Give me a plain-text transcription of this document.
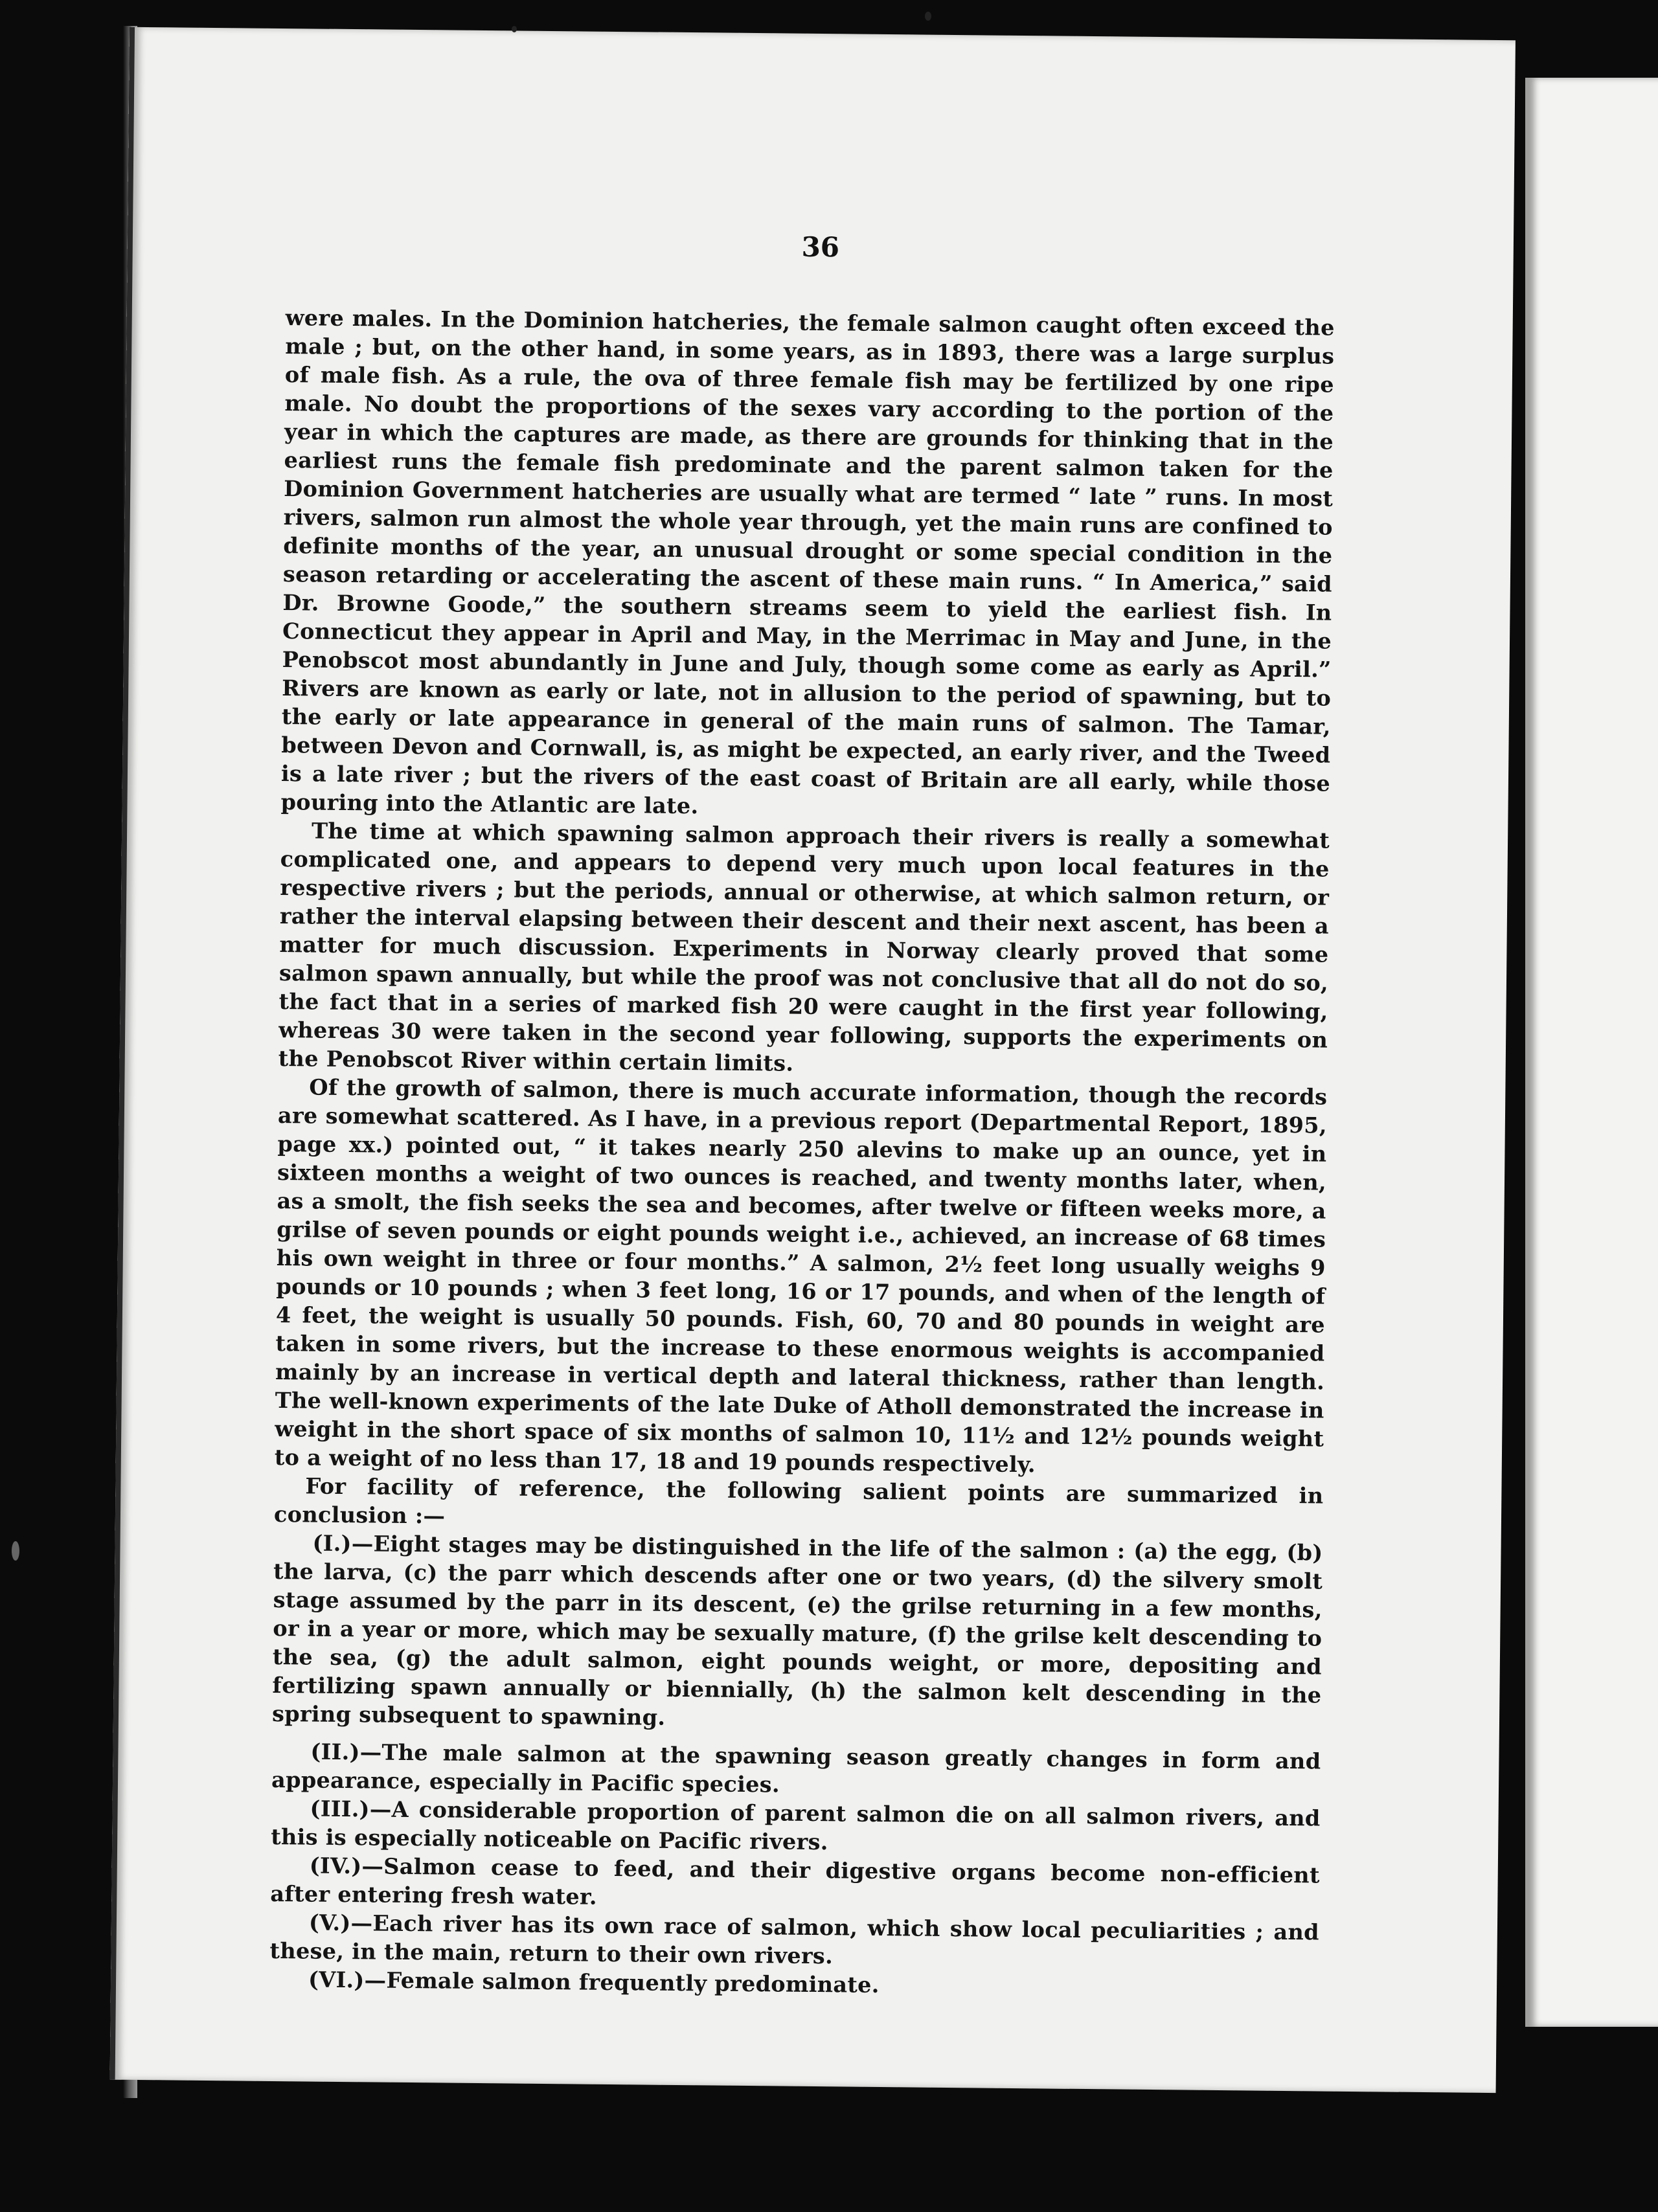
36

were males. In the Dominion hatcheries, the female salmon caught often exceed the male ; but, on the other hand, in some years, as in 1893, there was a large surplus of male fish. As a rule, the ova of three female fish may be fertilized by one ripe male. No doubt the proportions of the sexes vary according to the portion of the year in which the captures are made, as there are grounds for thinking that in the earliest runs the female fish predominate and the parent salmon taken for the Dominion Government hatcheries are usually what are termed “ late ” runs. In most rivers, salmon run almost the whole year through, yet the main runs are confined to definite months of the year, an unusual drought or some special condition in the season retarding or accelerating the ascent of these main runs. “ In America,” said Dr. Browne Goode,” the southern streams seem to yield the earliest fish. In Connecticut they appear in April and May, in the Merrimac in May and June, in the Penobscot most abundantly in June and July, though some come as early as April.” Rivers are known as early or late, not in allusion to the period of spawning, but to the early or late appearance in general of the main runs of salmon. The Tamar, between Devon and Cornwall, is, as might be expected, an early river, and the Tweed is a late river ; but the rivers of the east coast of Britain are all early, while those pouring into the Atlantic are late.

The time at which spawning salmon approach their rivers is really a somewhat complicated one, and appears to depend very much upon local features in the respective rivers ; but the periods, annual or otherwise, at which salmon return, or rather the interval elapsing between their descent and their next ascent, has been a matter for much discussion. Experiments in Norway clearly proved that some salmon spawn annually, but while the proof was not conclusive that all do not do so, the fact that in a series of marked fish 20 were caught in the first year following, whereas 30 were taken in the second year following, supports the experiments on the Penobscot River within certain limits.

Of the growth of salmon, there is much accurate information, though the records are somewhat scattered. As I have, in a previous report (Departmental Report, 1895, page xx.) pointed out, “ it takes nearly 250 alevins to make up an ounce, yet in sixteen months a weight of two ounces is reached, and twenty months later, when, as a smolt, the fish seeks the sea and becomes, after twelve or fifteen weeks more, a grilse of seven pounds or eight pounds weight i.e., achieved, an increase of 68 times his own weight in three or four months.” A salmon, 2½ feet long usually weighs 9 pounds or 10 pounds ; when 3 feet long, 16 or 17 pounds, and when of the length of 4 feet, the weight is usually 50 pounds. Fish, 60, 70 and 80 pounds in weight are taken in some rivers, but the increase to these enormous weights is accompanied mainly by an increase in vertical depth and lateral thickness, rather than length. The well-known experiments of the late Duke of Atholl demonstrated the increase in weight in the short space of six months of salmon 10, 11½ and 12½ pounds weight to a weight of no less than 17, 18 and 19 pounds respectively.

For facility of reference, the following salient points are summarized in conclusion :—

(I.)—Eight stages may be distinguished in the life of the salmon : (a) the egg, (b) the larva, (c) the parr which descends after one or two years, (d) the silvery smolt stage assumed by the parr in its descent, (e) the grilse returning in a few months, or in a year or more, which may be sexually mature, (f) the grilse kelt descending to the sea, (g) the adult salmon, eight pounds weight, or more, depositing and fertilizing spawn annually or biennially, (h) the salmon kelt descending in the spring subsequent to spawning.

(II.)—The male salmon at the spawning season greatly changes in form and appearance, especially in Pacific species.

(III.)—A considerable proportion of parent salmon die on all salmon rivers, and this is especially noticeable on Pacific rivers.

(IV.)—Salmon cease to feed, and their digestive organs become non-efficient after entering fresh water.

(V.)—Each river has its own race of salmon, which show local peculiarities ; and these, in the main, return to their own rivers.

(VI.)—Female salmon frequently predominate.
